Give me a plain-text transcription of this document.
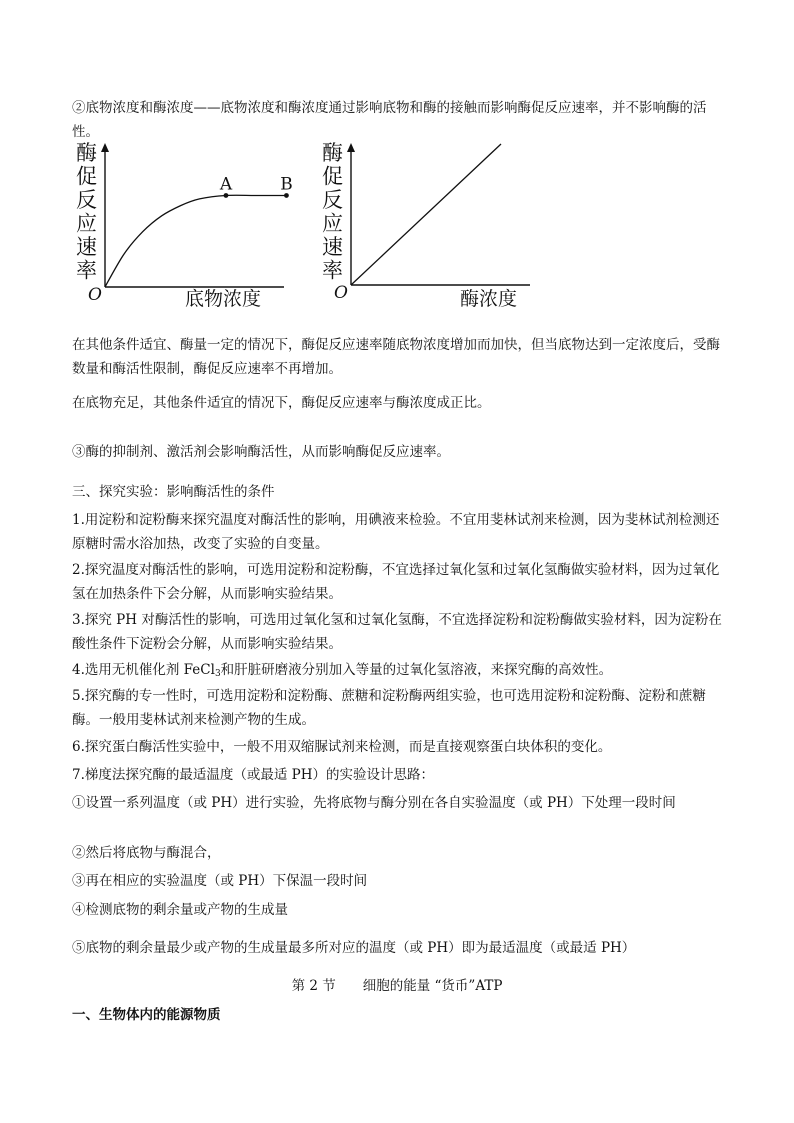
②底物浓度和酶浓度——底物浓度和酶浓度通过影响底物和酶的接触而影响酶促反应速率，并不影响酶的活性。

酶促反应速率
O	底物浓度
A	B
酶促反应速率
O	酶浓度

在其他条件适宜、酶量一定的情况下，酶促反应速率随底物浓度增加而加快，但当底物达到一定浓度后，受酶数量和酶活性限制，酶促反应速率不再增加。

在底物充足，其他条件适宜的情况下，酶促反应速率与酶浓度成正比。

③酶的抑制剂、激活剂会影响酶活性，从而影响酶促反应速率。

三、探究实验：影响酶活性的条件

1.用淀粉和淀粉酶来探究温度对酶活性的影响，用碘液来检验。不宜用斐林试剂来检测，因为斐林试剂检测还原糖时需水浴加热，改变了实验的自变量。

2.探究温度对酶活性的影响，可选用淀粉和淀粉酶，不宜选择过氧化氢和过氧化氢酶做实验材料，因为过氧化氢在加热条件下会分解，从而影响实验结果。

3.探究 PH 对酶活性的影响，可选用过氧化氢和过氧化氢酶，不宜选择淀粉和淀粉酶做实验材料，因为淀粉在酸性条件下淀粉会分解，从而影响实验结果。

4.选用无机催化剂 FeCl$_3$和肝脏研磨液分别加入等量的过氧化氢溶液，来探究酶的高效性。

5.探究酶的专一性时，可选用淀粉和淀粉酶、蔗糖和淀粉酶两组实验，也可选用淀粉和淀粉酶、淀粉和蔗糖酶。一般用斐林试剂来检测产物的生成。

6.探究蛋白酶活性实验中，一般不用双缩脲试剂来检测，而是直接观察蛋白块体积的变化。

7.梯度法探究酶的最适温度（或最适 PH）的实验设计思路：

①设置一系列温度（或 PH）进行实验，先将底物与酶分别在各自实验温度（或 PH）下处理一段时间

②然后将底物与酶混合，

③再在相应的实验温度（或 PH）下保温一段时间

④检测底物的剩余量或产物的生成量

⑤底物的剩余量最少或产物的生成量最多所对应的温度（或 PH）即为最适温度（或最适 PH）

第 2 节　　细胞的能量 “货币”ATP

一、生物体内的能源物质
